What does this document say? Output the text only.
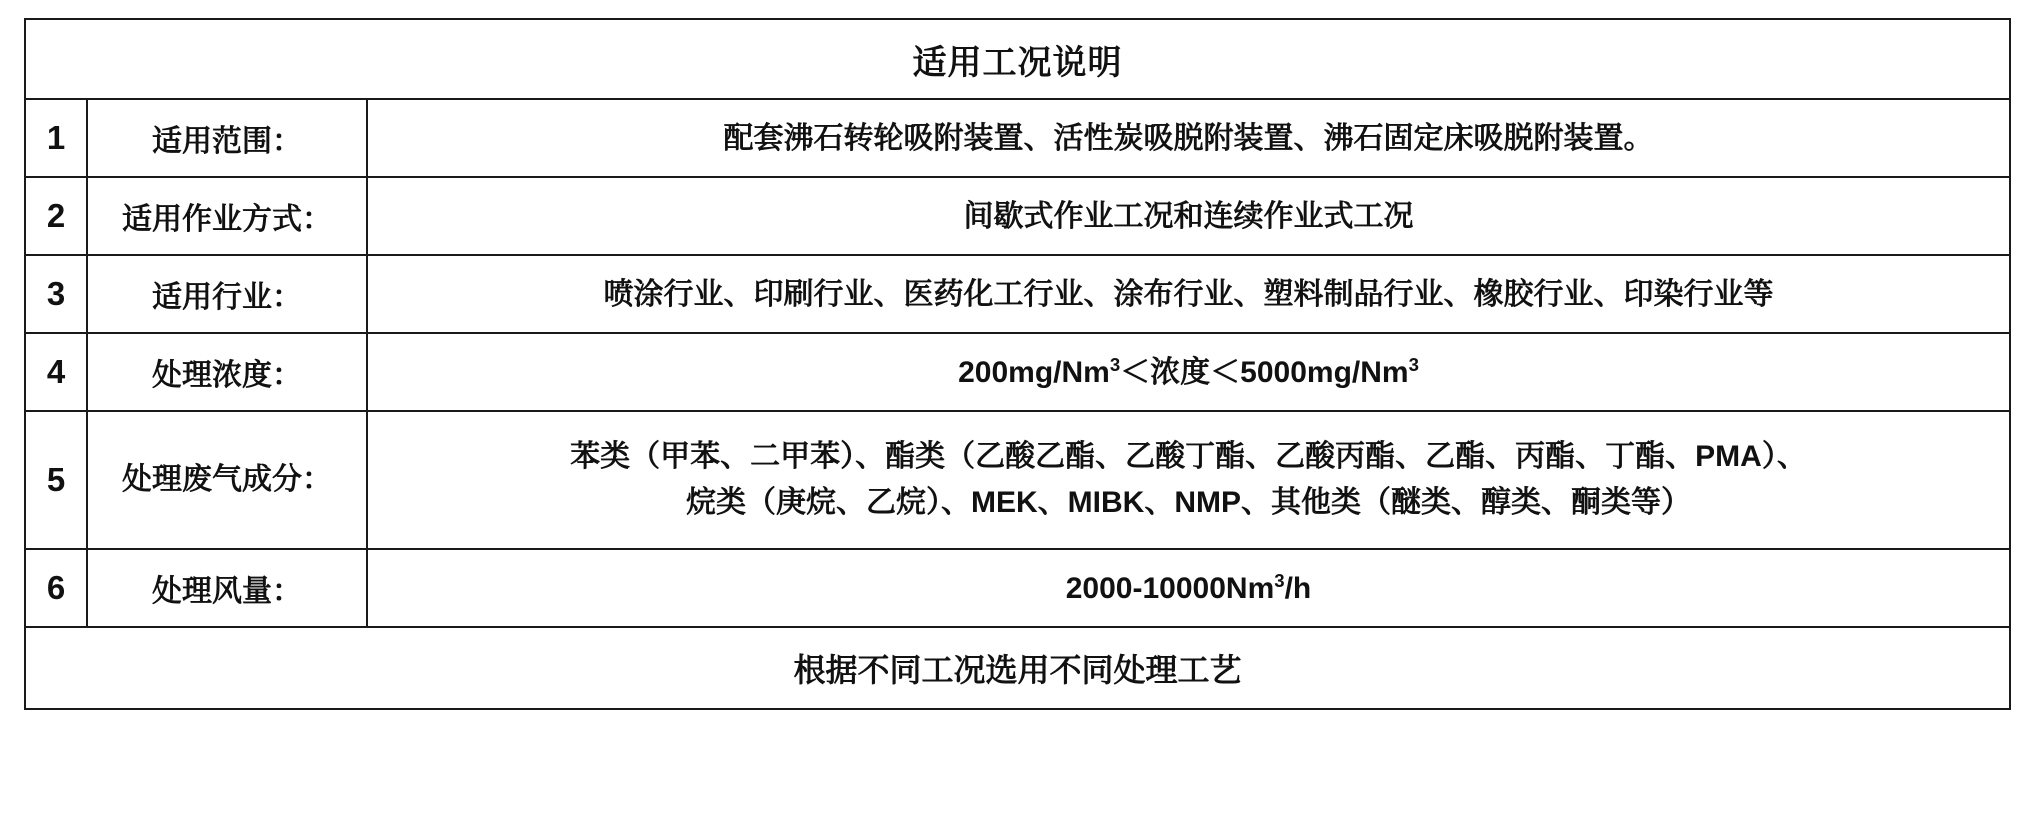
适用工况说明		
1	适用范围：	配套沸石转轮吸附装置、活性炭吸脱附装置、沸石固定床吸脱附装置。
2	适用作业方式：	间歇式作业工况和连续作业式工况
3	适用行业：	喷涂行业、印刷行业、医药化工行业、涂布行业、塑料制品行业、橡胶行业、印染行业等
4	处理浓度：	$200mg/Nm^3<$浓度$<5000mg/Nm^3$
5	处理废气成分：	苯类（甲苯、二甲苯）、酯类（乙酸乙酯、乙酸丁酯、乙酸丙酯、乙酯、丙酯、丁酯、PMA）、
烷类（庚烷、乙烷）、MEK、MIBK、NMP、其他类（醚类、醇类、酮类等）

6	处理风量：	2000-10000Nm$^3$/h
根据不同工况选用不同处理工艺		
